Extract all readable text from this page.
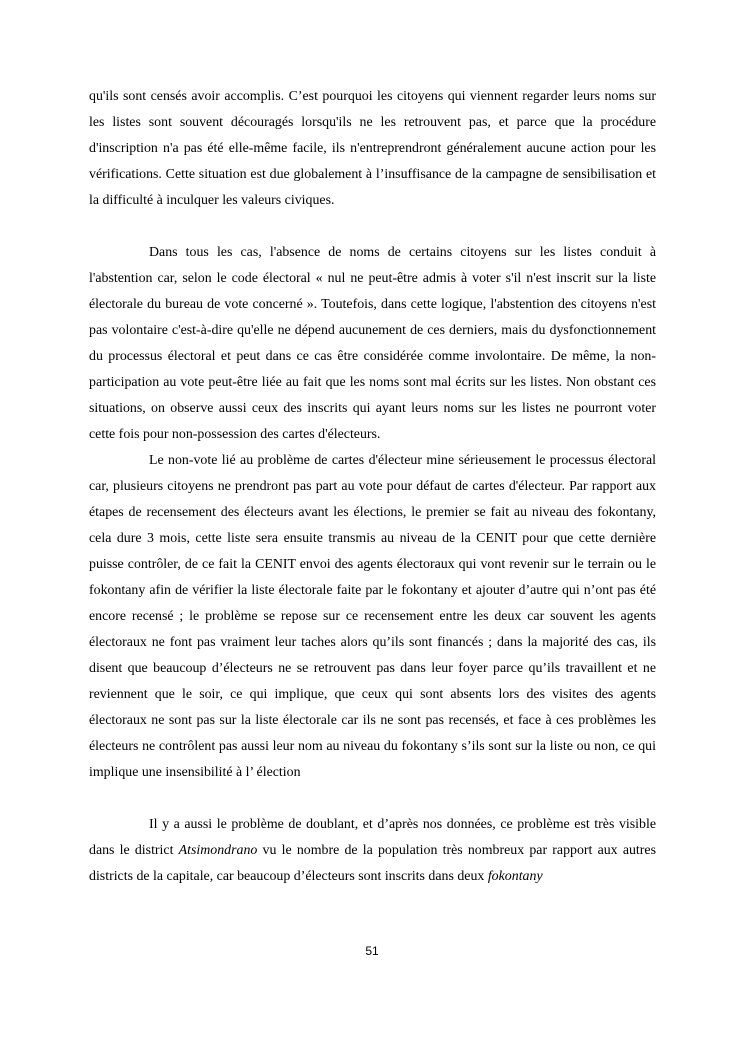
qu'ils sont censés avoir accomplis. C’est pourquoi les citoyens qui viennent regarder leurs noms sur les listes sont souvent découragés lorsqu'ils ne les retrouvent pas, et parce que la procédure d'inscription n'a pas été elle-même facile, ils n'entreprendront généralement aucune action pour les vérifications. Cette situation est due globalement à l’insuffisance de la campagne de sensibilisation et la difficulté à inculquer les valeurs civiques.

Dans tous les cas, l'absence de noms de certains citoyens sur les listes conduit à l'abstention car, selon le code électoral « nul ne peut-être admis à voter s'il n'est inscrit sur la liste électorale du bureau de vote concerné ». Toutefois, dans cette logique, l'abstention des citoyens n'est pas volontaire c'est-à-dire qu'elle ne dépend aucunement de ces derniers, mais du dysfonctionnement du processus électoral et peut dans ce cas être considérée comme involontaire. De même, la non-participation au vote peut-être liée au fait que les noms sont mal écrits sur les listes. Non obstant ces situations, on observe aussi ceux des inscrits qui ayant leurs noms sur les listes ne pourront voter cette fois pour non-possession des cartes d'électeurs.

Le non-vote lié au problème de cartes d'électeur mine sérieusement le processus électoral car, plusieurs citoyens ne prendront pas part au vote pour défaut de cartes d'électeur. Par rapport aux étapes de recensement des électeurs avant les élections, le premier se fait au niveau des fokontany, cela dure 3 mois, cette liste sera ensuite transmis au niveau de la CENIT pour que cette dernière puisse contrôler, de ce fait la CENIT envoi des agents électoraux qui vont revenir sur le terrain ou le fokontany afin de vérifier la liste électorale faite par le fokontany et ajouter d’autre qui n’ont pas été encore recensé ; le problème se repose sur ce recensement entre les deux car souvent les agents électoraux ne font pas vraiment leur taches alors qu’ils sont financés ; dans la majorité des cas, ils disent que beaucoup d’électeurs ne se retrouvent pas dans leur foyer parce qu’ils travaillent et ne reviennent que le soir, ce qui implique, que ceux qui sont absents lors des visites des agents électoraux ne sont pas sur la liste électorale car ils ne sont pas recensés, et face à ces problèmes les électeurs ne contrôlent pas aussi leur nom au niveau du fokontany s’ils sont sur la liste ou non, ce qui implique une insensibilité à l’ élection

Il y a aussi le problème de doublant, et d’après nos données, ce problème est très visible dans le district Atsimondrano vu le nombre de la population très nombreux par rapport aux autres districts de la capitale, car beaucoup d’électeurs sont inscrits dans deux fokontany

51
